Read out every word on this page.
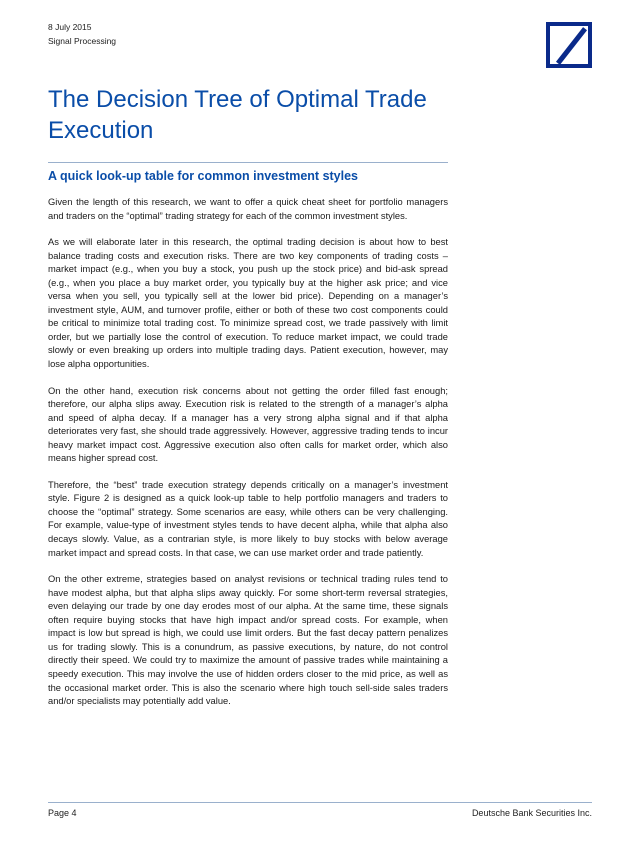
8 July 2015
Signal Processing
The Decision Tree of Optimal Trade Execution
A quick look-up table for common investment styles

Given the length of this research, we want to offer a quick cheat sheet for portfolio managers and traders on the “optimal” trading strategy for each of the common investment styles.

As we will elaborate later in this research, the optimal trading decision is about how to best balance trading costs and execution risks. There are two key components of trading costs – market impact (e.g., when you buy a stock, you push up the stock price) and bid-ask spread (e.g., when you place a buy market order, you typically buy at the higher ask price; and vice versa when you sell, you typically sell at the lower bid price). Depending on a manager’s investment style, AUM, and turnover profile, either or both of these two cost components could be critical to minimize total trading cost. To minimize spread cost, we trade passively with limit order, but we partially lose the control of execution. To reduce market impact, we could trade slowly or even breaking up orders into multiple trading days. Patient execution, however, may lose alpha opportunities.

On the other hand, execution risk concerns about not getting the order filled fast enough; therefore, our alpha slips away. Execution risk is related to the strength of a manager’s alpha and speed of alpha decay. If a manager has a very strong alpha signal and if that alpha deteriorates very fast, she should trade aggressively. However, aggressive trading tends to incur heavy market impact cost. Aggressive execution also often calls for market order, which also means higher spread cost.

Therefore, the “best” trade execution strategy depends critically on a manager’s investment style. Figure 2 is designed as a quick look-up table to help portfolio managers and traders to choose the “optimal” strategy. Some scenarios are easy, while others can be very challenging. For example, value-type of investment styles tends to have decent alpha, while that alpha also decays slowly. Value, as a contrarian style, is more likely to buy stocks with below average market impact and spread costs. In that case, we can use market order and trade patiently.

On the other extreme, strategies based on analyst revisions or technical trading rules tend to have modest alpha, but that alpha slips away quickly. For some short-term reversal strategies, even delaying our trade by one day erodes most of our alpha. At the same time, these signals often require buying stocks that have high impact and/or spread costs. For example, when impact is low but spread is high, we could use limit orders. But the fast decay pattern penalizes us for trading slowly. This is a conundrum, as passive executions, by nature, do not control directly their speed. We could try to maximize the amount of passive trades while maintaining a speedy execution. This may involve the use of hidden orders closer to the mid price, as well as the occasional market order. This is also the scenario where high touch sell-side sales traders and/or specialists may potentially add value.

Page 4	Deutsche Bank Securities Inc.
